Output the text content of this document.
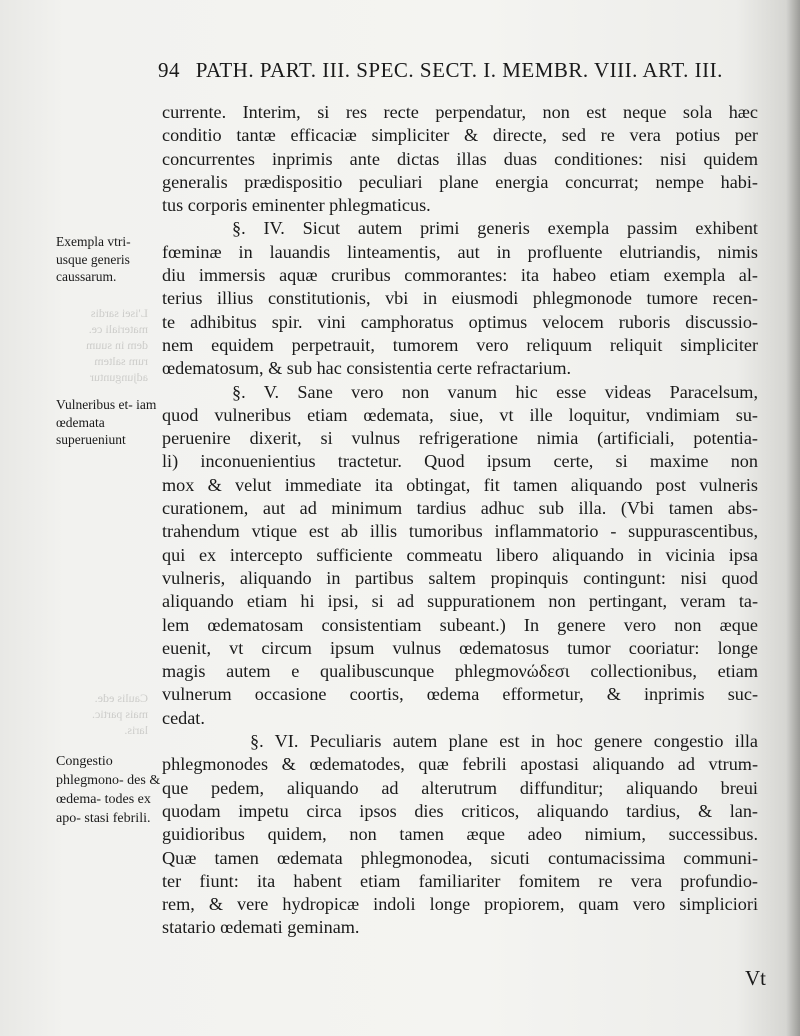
L'isei sardis
materiali ce.
dem in suum
rum saltem
adjunguntur
Caulis ede.
mais partic.
laris.
94 PATH. PART. III. SPEC. SECT. I. MEMBR. VIII. ART. III.
currente. Interim, si res recte perpendatur, non est neque sola hæc
conditio tantæ efficaciæ simpliciter & directe, sed re vera potius per
concurrentes inprimis ante dictas illas duas conditiones: nisi quidem
generalis prædispositio peculiari plane energia concurrat; nempe habi-
tus corporis eminenter phlegmaticus.
§. IV. Sicut autem primi generis exempla passim exhibent
fœminæ in lauandis linteamentis, aut in profluente elutriandis, nimis
diu immersis aquæ cruribus commorantes: ita habeo etiam exempla al-
terius illius constitutionis, vbi in eiusmodi phlegmonode tumore recen-
te adhibitus spir. vini camphoratus optimus velocem ruboris discussio-
nem equidem perpetrauit, tumorem vero reliquum reliquit simpliciter
œdematosum, & sub hac consistentia certe refractarium.
§. V. Sane vero non vanum hic esse videas Paracelsum,
quod vulneribus etiam œdemata, siue, vt ille loquitur, vndimiam su-
peruenire dixerit, si vulnus refrigeratione nimia (artificiali, potentia-
li) inconuenientius tractetur. Quod ipsum certe, si maxime non
mox & velut immediate ita obtingat, fit tamen aliquando post vulneris
curationem, aut ad minimum tardius adhuc sub illa. (Vbi tamen abs-
trahendum vtique est ab illis tumoribus inflammatorio - suppurascentibus,
qui ex intercepto sufficiente commeatu libero aliquando in vicinia ipsa
vulneris, aliquando in partibus saltem propinquis contingunt: nisi quod
aliquando etiam hi ipsi, si ad suppurationem non pertingant, veram ta-
lem œdematosam consistentiam subeant.) In genere vero non æque
euenit, vt circum ipsum vulnus œdematosus tumor cooriatur: longe
magis autem e qualibuscunque phlegmονώδεσι collectionibus, etiam
vulnerum occasione coortis, œdema efformetur, & inprimis suc-
cedat.
§. VI. Peculiaris autem plane est in hoc genere congestio illa
phlegmonodes & œdematodes, quæ febrili apostasi aliquando ad vtrum-
que pedem, aliquando ad alterutrum diffunditur; aliquando breui
quodam impetu circa ipsos dies criticos, aliquando tardius, & lan-
guidioribus quidem, non tamen æque adeo nimium, successibus.
Quæ tamen œdemata phlegmonodea, sicuti contumacissima communi-
ter fiunt: ita habent etiam familiariter fomitem re vera profundio-
rem, & vere hydropicæ indoli longe propiorem, quam vero simpliciori
statario œdemati geminam.
Exempla vtri- usque generis caussarum.
Vulneribus et- iam œdemata superueniunt
Congestio phlegmono- des & œdema- todes ex apo- stasi febrili.
Vt
